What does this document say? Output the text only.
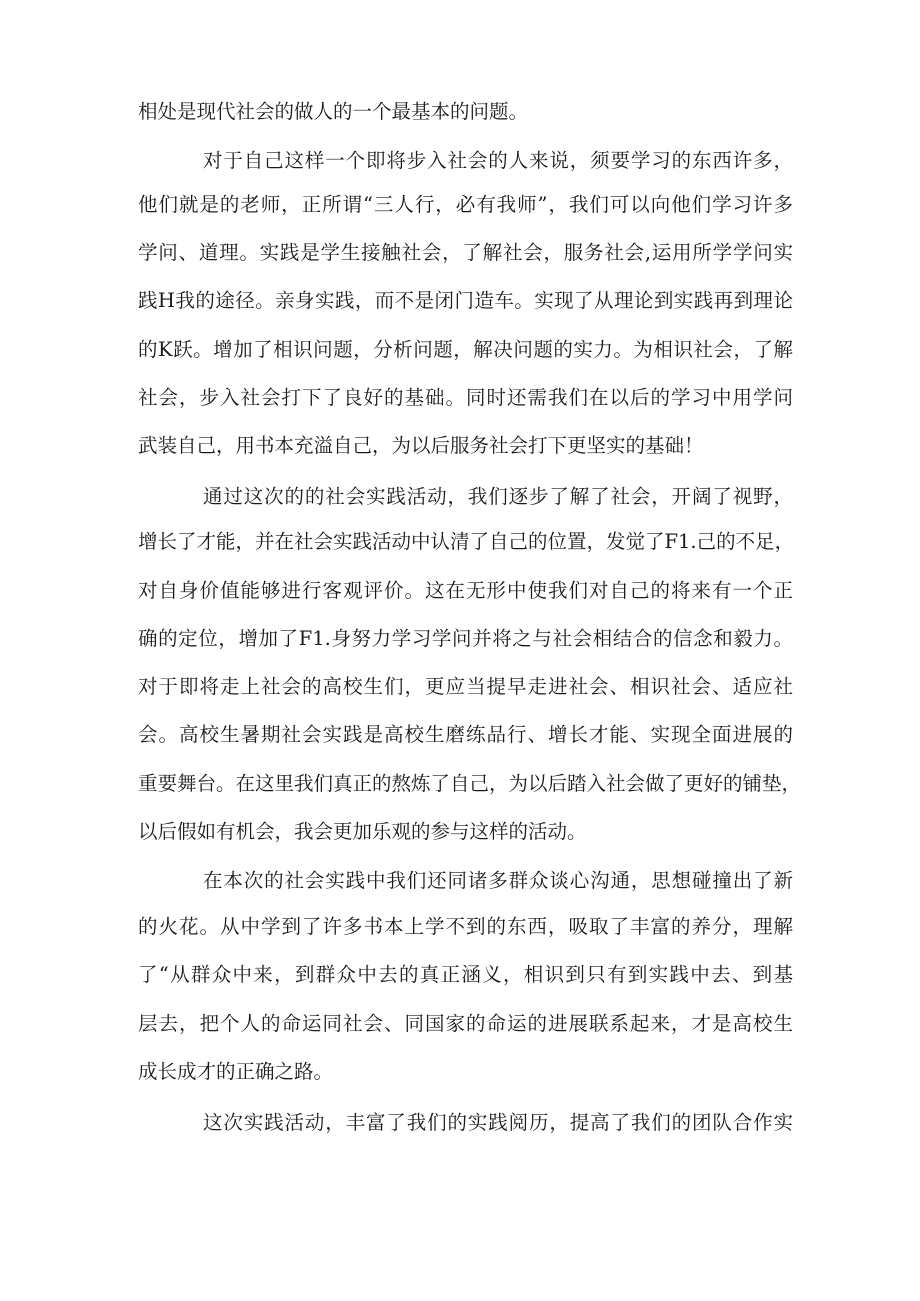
相处是现代社会的做人的一个最基本的问题。
对于自己这样一个即将步入社会的人来说，须要学习的东西许多，
他们就是的老师，正所谓“三人行，必有我师”，我们可以向他们学习许多
学问、道理。实践是学生接触社会，了解社会，服务社会,运用所学学问实
践H我的途径。亲身实践，而不是闭门造车。实现了从理论到实践再到理论
的K跃。增加了相识问题，分析问题，解决问题的实力。为相识社会，了解
社会，步入社会打下了良好的基础。同时还需我们在以后的学习中用学问
武装自己，用书本充溢自己，为以后服务社会打下更坚实的基础！
通过这次的的社会实践活动，我们逐步了解了社会，开阔了视野，
增长了才能，并在社会实践活动中认清了自己的位置，发觉了F1.己的不足，
对自身价值能够进行客观评价。这在无形中使我们对自己的将来有一个正
确的定位，增加了F1.身努力学习学问并将之与社会相结合的信念和毅力。
对于即将走上社会的高校生们，更应当提早走进社会、相识社会、适应社
会。高校生暑期社会实践是高校生磨练品行、增长才能、实现全面进展的
重要舞台。在这里我们真正的熬炼了自己，为以后踏入社会做了更好的铺垫，
以后假如有机会，我会更加乐观的参与这样的活动。
在本次的社会实践中我们还同诸多群众谈心沟通，思想碰撞出了新
的火花。从中学到了许多书本上学不到的东西，吸取了丰富的养分，理解
了“从群众中来，到群众中去的真正涵义，相识到只有到实践中去、到基
层去，把个人的命运同社会、同国家的命运的进展联系起来，才是高校生
成长成才的正确之路。
这次实践活动，丰富了我们的实践阅历，提高了我们的团队合作实
